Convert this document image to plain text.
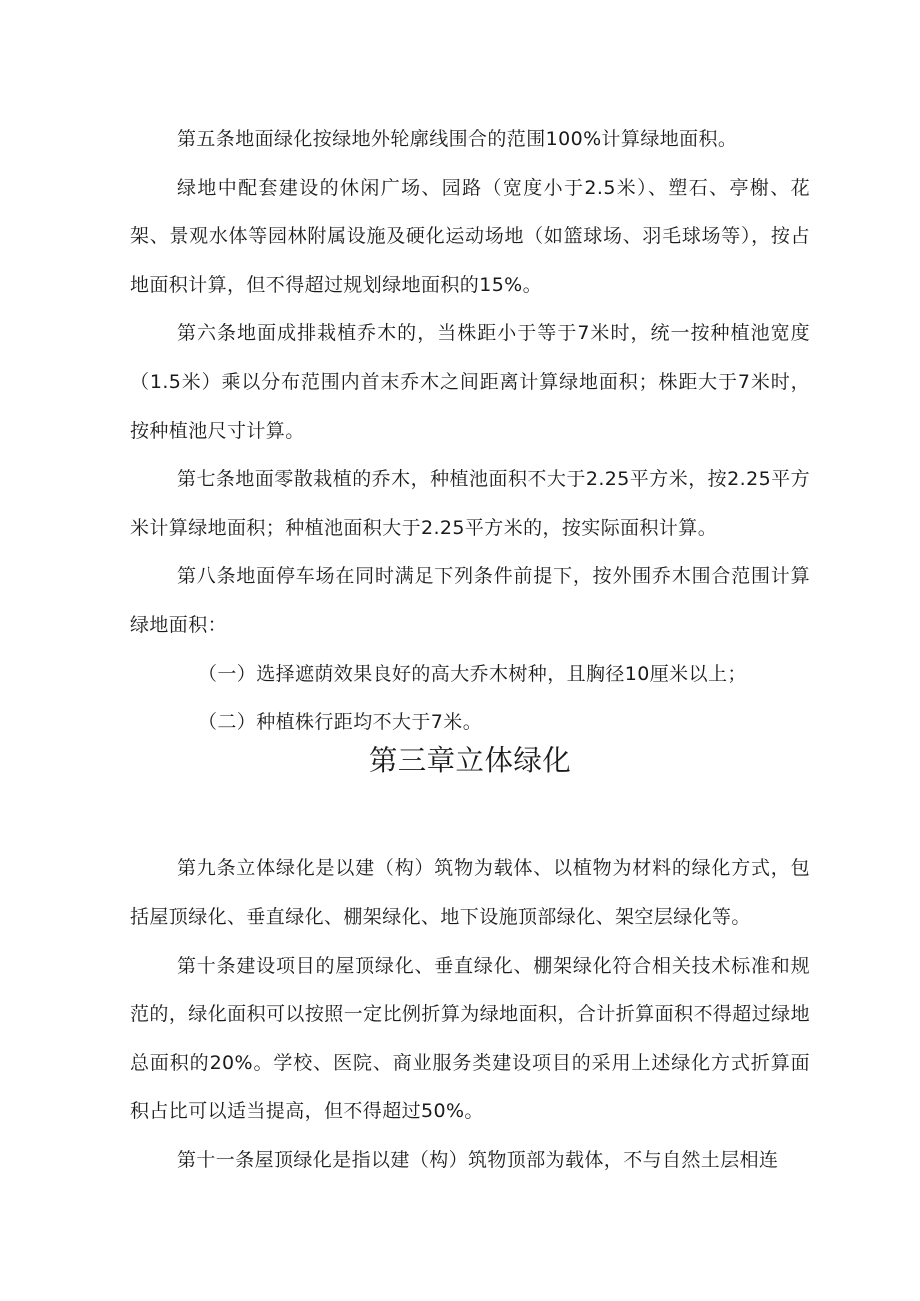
第五条地面绿化按绿地外轮廓线围合的范围100%计算绿地面积。

绿地中配套建设的休闲广场、园路（宽度小于2.5米）、塑石、亭榭、花架、景观水体等园林附属设施及硬化运动场地（如篮球场、羽毛球场等），按占地面积计算，但不得超过规划绿地面积的15%。

第六条地面成排栽植乔木的，当株距小于等于7米时，统一按种植池宽度（1.5米）乘以分布范围内首末乔木之间距离计算绿地面积；株距大于7米时，按种植池尺寸计算。

第七条地面零散栽植的乔木，种植池面积不大于2.25平方米，按2.25平方米计算绿地面积；种植池面积大于2.25平方米的，按实际面积计算。

第八条地面停车场在同时满足下列条件前提下，按外围乔木围合范围计算绿地面积：

（一）选择遮荫效果良好的高大乔木树种，且胸径10厘米以上；

（二）种植株行距均不大于7米。

第三章立体绿化

第九条立体绿化是以建（构）筑物为载体、以植物为材料的绿化方式，包括屋顶绿化、垂直绿化、棚架绿化、地下设施顶部绿化、架空层绿化等。

第十条建设项目的屋顶绿化、垂直绿化、棚架绿化符合相关技术标准和规范的，绿化面积可以按照一定比例折算为绿地面积，合计折算面积不得超过绿地总面积的20%。学校、医院、商业服务类建设项目的采用上述绿化方式折算面积占比可以适当提高，但不得超过50%。

第十一条屋顶绿化是指以建（构）筑物顶部为载体，不与自然土层相连
